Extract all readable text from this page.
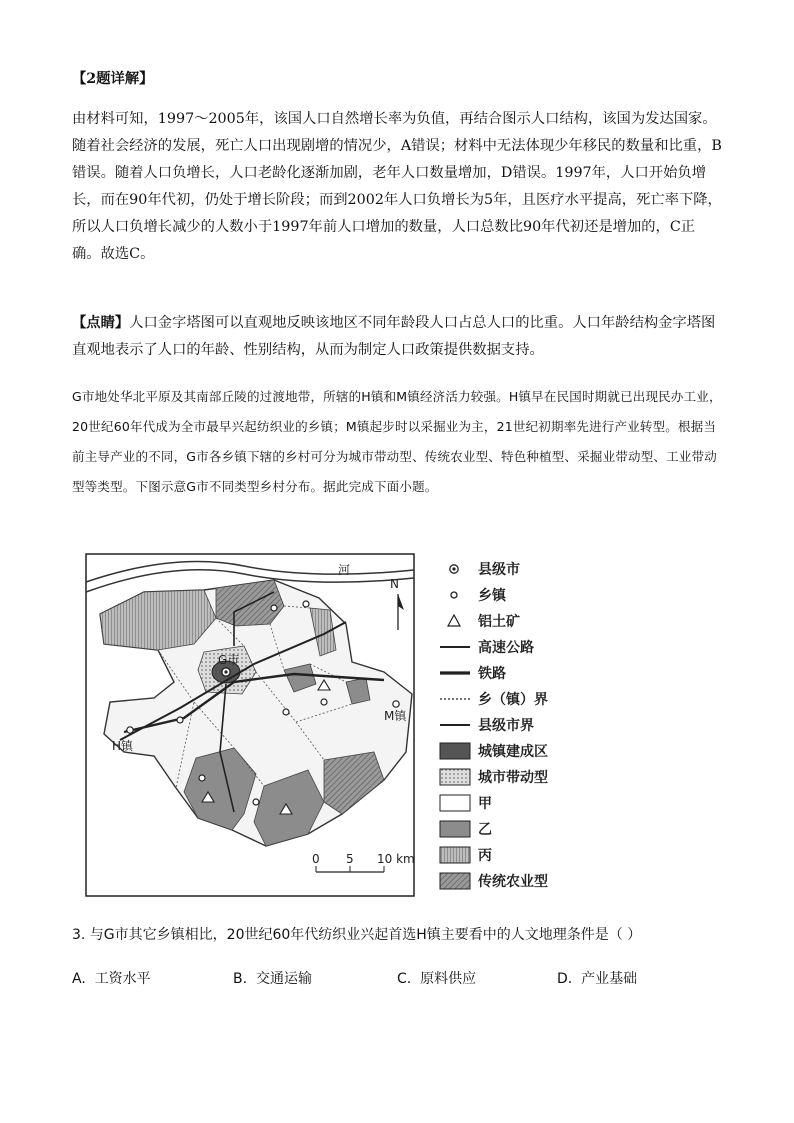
【2题详解】
由材料可知，1997～2005年，该国人口自然增长率为负值，再结合图示人口结构，该国为发达国家。随着社会经济的发展，死亡人口出现剧增的情况少，A错误；材料中无法体现少年移民的数量和比重，B错误。随着人口负增长，人口老龄化逐渐加剧，老年人口数量增加，D错误。1997年，人口开始负增长，而在90年代初，仍处于增长阶段；而到2002年人口负增长为5年，且医疗水平提高，死亡率下降，所以人口负增长减少的人数小于1997年前人口增加的数量，人口总数比90年代初还是增加的，C正确。故选C。
【点睛】人口金字塔图可以直观地反映该地区不同年龄段人口占总人口的比重。人口年龄结构金字塔图直观地表示了人口的年龄、性别结构，从而为制定人口政策提供数据支持。
G市地处华北平原及其南部丘陵的过渡地带，所辖的H镇和M镇经济活力较强。H镇早在民国时期就已出现民办工业，20世纪60年代成为全市最早兴起纺织业的乡镇；M镇起步时以采掘业为主，21世纪初期率先进行产业转型。根据当前主导产业的不同，G市各乡镇下辖的乡村可分为城市带动型、传统农业型、特色种植型、采掘业带动型、工业带动型等类型。下图示意G市不同类型乡村分布。据此完成下面小题。
河
G市
H镇
M镇
N
0 5 10 km
县级市
乡镇
铝土矿
高速公路
铁路
乡（镇）界
县级市界
城镇建成区
城市带动型
甲
乙
丙
传统农业型
3. 与G市其它乡镇相比，20世纪60年代纺织业兴起首选H镇主要看中的人文地理条件是（ ）
A. 工资水平	B. 交通运输	C. 原料供应	D. 产业基础
